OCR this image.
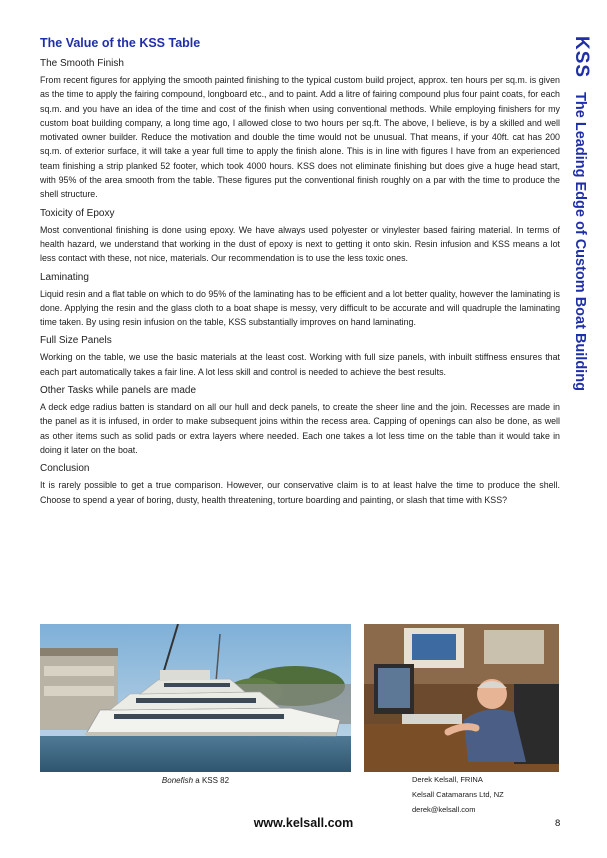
The Value of the KSS Table
The Smooth Finish

From recent figures for applying the smooth painted finishing to the typical custom build project, approx. ten hours per sq.m. is given as the time to apply the fairing compound, longboard etc., and to paint. Add a litre of fairing compound plus four paint coats, for each sq.m. and you have an idea of the time and cost of the finish when using conventional methods. While employing finishers for my custom boat building company, a long time ago, I allowed close to two hours per sq.ft. The above, I believe, is by a skilled and well motivated owner builder. Reduce the motivation and double the time would not be unusual. That means, if your 40ft. cat has 200 sq.m. of exterior surface, it will take a year full time to apply the finish alone. This is in line with figures I have from an experienced team finishing a strip planked 52 footer, which took 4000 hours. KSS does not eliminate finishing but does give a huge head start, with 95% of the area smooth from the table. These figures put the conventional finish roughly on a par with the time to produce the shell structure.

Toxicity of Epoxy

Most conventional finishing is done using epoxy. We have always used polyester or vinylester based fairing material. In terms of health hazard, we understand that working in the dust of epoxy is next to getting it onto skin. Resin infusion and KSS means a lot less contact with these, not nice, materials. Our recommendation is to use the less toxic ones.

Laminating

Liquid resin and a flat table on which to do 95% of the laminating has to be efficient and a lot better quality, however the laminating is done. Applying the resin and the glass cloth to a boat shape is messy, very difficult to be accurate and will quadruple the laminating time taken. By using resin infusion on the table, KSS substantially improves on hand laminating.

Full Size Panels

Working on the table, we use the basic materials at the least cost. Working with full size panels, with inbuilt stiffness ensures that each part automatically takes a fair line. A lot less skill and control is needed to achieve the best results.

Other Tasks while panels are made

A deck edge radius batten is standard on all our hull and deck panels, to create the sheer line and the join. Recesses are made in the panel as it is infused, in order to make subsequent joins within the recess area. Capping of openings can also be done, as well as other items such as solid pads or extra layers where needed. Each one takes a lot less time on the table than it would take in doing it later on the boat.

Conclusion

It is rarely possible to get a true comparison. However, our conservative claim is to at least halve the time to produce the shell. Choose to spend a year of boring, dusty, health threatening, torture boarding and painting, or slash that time with KSS?

KSSThe Leading Edge of Custom Boat Building
Bonefish a KSS 82	Derek Kelsall, FRINA
Kelsall Catamarans Ltd, NZ
derek@kelsall.com
www.kelsall.com	8
